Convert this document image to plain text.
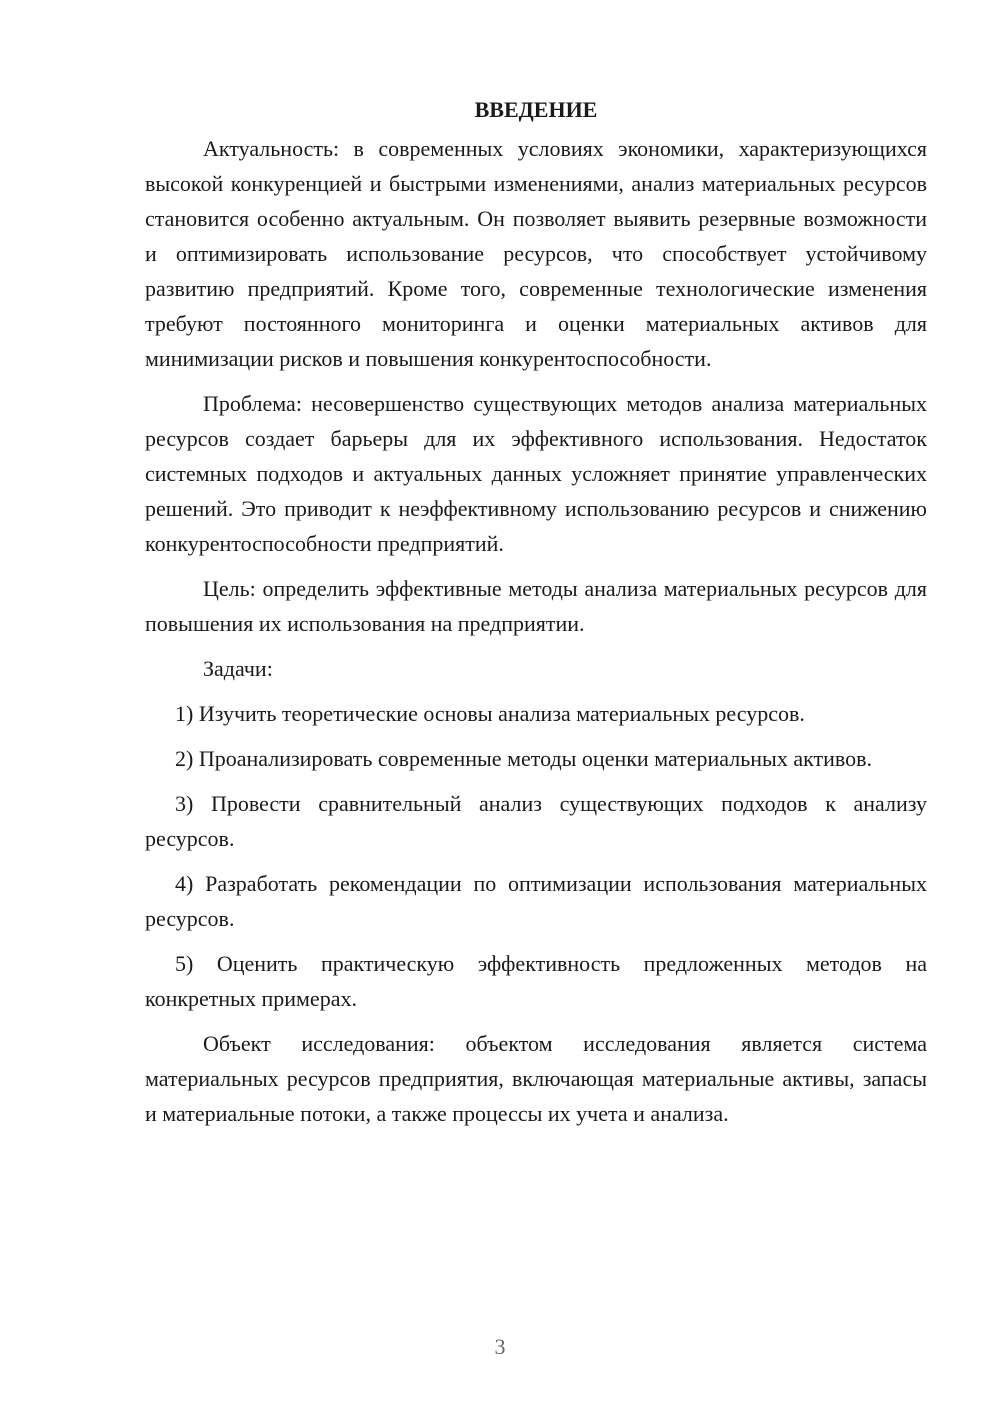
ВВЕДЕНИЕ

Актуальность: в современных условиях экономики, характеризующихся высокой конкуренцией и быстрыми изменениями, анализ материальных ресурсов становится особенно актуальным. Он позволяет выявить резервные возможности и оптимизировать использование ресурсов, что способствует устойчивому развитию предприятий. Кроме того, современные технологические изменения требуют постоянного мониторинга и оценки материальных активов для минимизации рисков и повышения конкурентоспособности.

Проблема: несовершенство существующих методов анализа материальных ресурсов создает барьеры для их эффективного использования. Недостаток системных подходов и актуальных данных усложняет принятие управленческих решений. Это приводит к неэффективному использованию ресурсов и снижению конкурентоспособности предприятий.

Цель: определить эффективные методы анализа материальных ресурсов для повышения их использования на предприятии.

Задачи:

1) Изучить теоретические основы анализа материальных ресурсов.

2) Проанализировать современные методы оценки материальных активов.

3) Провести сравнительный анализ существующих подходов к анализу ресурсов.

4) Разработать рекомендации по оптимизации использования материальных ресурсов.

5) Оценить практическую эффективность предложенных методов на конкретных примерах.

Объект исследования: объектом исследования является система материальных ресурсов предприятия, включающая материальные активы, запасы и материальные потоки, а также процессы их учета и анализа.

3
